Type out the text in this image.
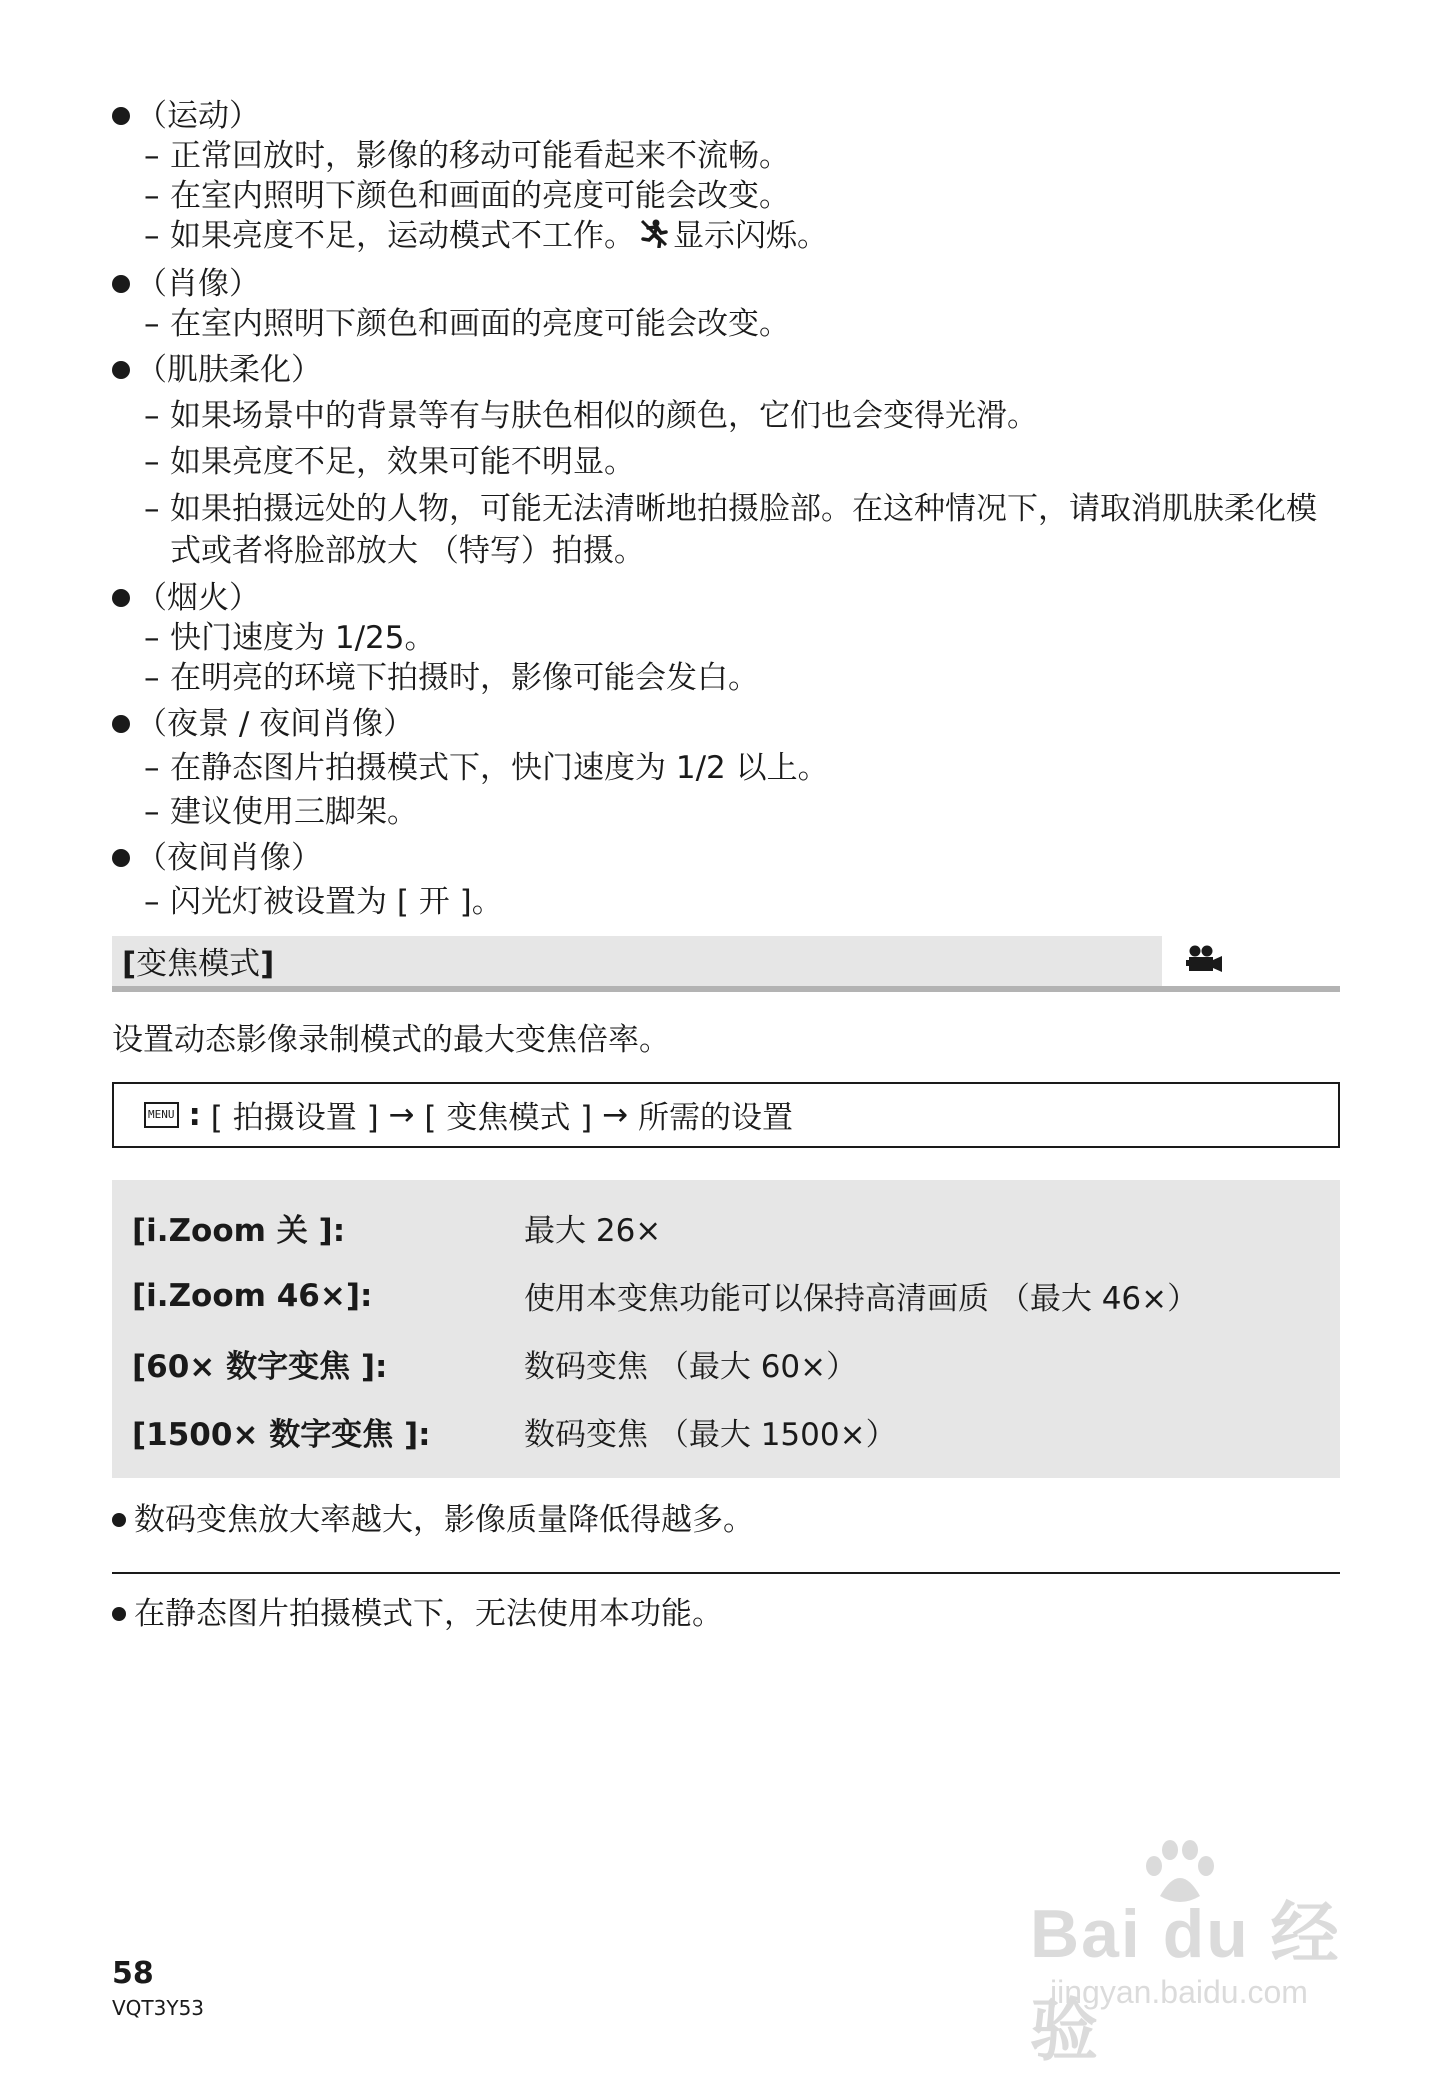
（运动）
– 正常回放时，影像的移动可能看起来不流畅。
– 在室内照明下颜色和画面的亮度可能会改变。
– 如果亮度不足，运动模式不工作。 显示闪烁。
（肖像）
– 在室内照明下颜色和画面的亮度可能会改变。
（肌肤柔化）
– 如果场景中的背景等有与肤色相似的颜色，它们也会变得光滑。
– 如果亮度不足，效果可能不明显。
– 如果拍摄远处的人物，可能无法清晰地拍摄脸部。在这种情况下，请取消肌肤柔化模式或者将脸部放大 （特写）拍摄。
（烟火）
– 快门速度为 1/25。
– 在明亮的环境下拍摄时，影像可能会发白。
（夜景 / 夜间肖像）
– 在静态图片拍摄模式下，快门速度为 1/2 以上。
– 建议使用三脚架。
（夜间肖像）
– 闪光灯被设置为 [ 开 ]。
[变焦模式]
设置动态影像录制模式的最大变焦倍率。
MENU :
[ 拍摄设置 ]
→
[ 变焦模式 ]
→
所需的设置
[i.Zoom 关 ]:	最大 26×
[i.Zoom 46×]:	使用本变焦功能可以保持高清画质 （最大 46×）
[60× 数字变焦 ]:	数码变焦 （最大 60×）
[1500× 数字变焦 ]:	数码变焦 （最大 1500×）
数码变焦放大率越大，影像质量降低得越多。
在静态图片拍摄模式下，无法使用本功能。
58
VQT3Y53
Bai du 经验
jingyan.baidu.com
